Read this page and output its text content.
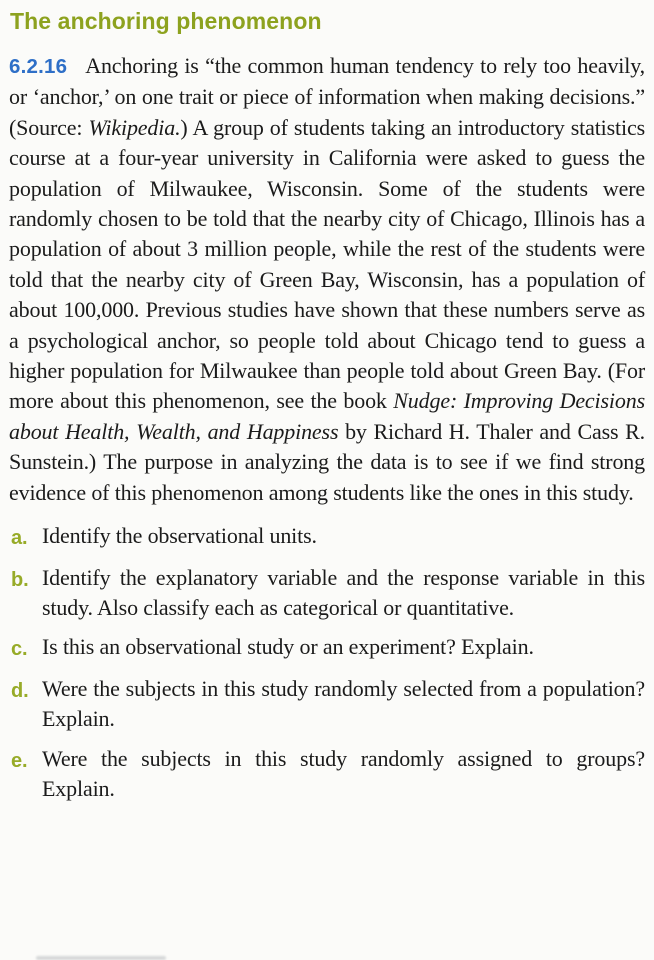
The anchoring phenomenon

6.2.16 Anchoring is “the common human tendency to rely too heavily, or ‘anchor,’ on one trait or piece of information when making decisions.” (Source: Wikipedia.) A group of students taking an introductory statistics course at a four-year university in California were asked to guess the population of Milwaukee, Wisconsin. Some of the students were randomly chosen to be told that the nearby city of Chicago, Illinois has a population of about 3 million people, while the rest of the students were told that the nearby city of Green Bay, Wisconsin, has a population of about 100,000. Previous studies have shown that these numbers serve as a psychological anchor, so people told about Chicago tend to guess a higher population for Milwaukee than people told about Green Bay. (For more about this phenomenon, see the book Nudge: Improving Decisions about Health, Wealth, and Happiness by Richard H. Thaler and Cass R. Sunstein.) The purpose in analyzing the data is to see if we find strong evidence of this phenomenon among students like the ones in this study.

a. Identify the observational units.
b. Identify the explanatory variable and the response variable in this study. Also classify each as categorical or quantitative.
c. Is this an observational study or an experiment? Explain.
d. Were the subjects in this study randomly selected from a population? Explain.
e. Were the subjects in this study randomly assigned to groups? Explain.
